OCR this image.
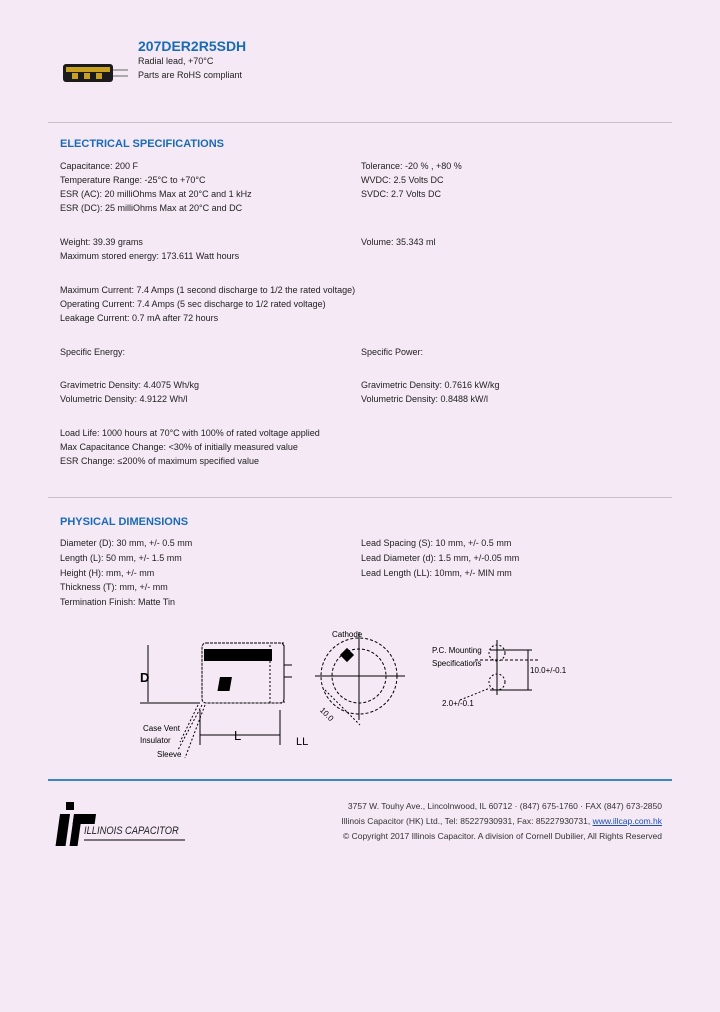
207DER2R5SDH
Radial lead, +70°C
Parts are RoHS compliant
ELECTRICAL SPECIFICATIONS
Capacitance: 200 F
Temperature Range: -25°C to +70°C
ESR (AC): 20 milliOhms Max at 20°C and 1 kHz
ESR (DC): 25 milliOhms Max at 20°C and DC
Tolerance: -20 % , +80 %
WVDC: 2.5 Volts DC
SVDC: 2.7 Volts DC
Weight: 39.39 grams
Maximum stored energy: 173.611 Watt hours
Volume: 35.343 ml
Maximum Current: 7.4 Amps (1 second discharge to 1/2 the rated voltage)
Operating Current: 7.4 Amps (5 sec discharge to 1/2 rated voltage)
Leakage Current: 0.7 mA after 72 hours
Specific Energy:	Specific Power:
Gravimetric Density: 4.4075 Wh/kg
Volumetric Density: 4.9122 Wh/l
Gravimetric Density: 0.7616 kW/kg
Volumetric Density: 0.8488 kW/l
Load Life: 1000 hours at 70°C with 100% of rated voltage applied
Max Capacitance Change: <30% of initially measured value
ESR Change: ≤200% of maximum specified value
PHYSICAL DIMENSIONS
Diameter (D): 30 mm, +/- 0.5 mm
Length (L): 50 mm, +/- 1.5 mm
Height (H): mm, +/- mm
Thickness (T): mm, +/- mm
Termination Finish: Matte Tin
Lead Spacing (S): 10 mm, +/- 0.5 mm
Lead Diameter (d): 1.5 mm, +/-0.05 mm
Lead Length (LL): 10mm, +/- MIN mm
D
L	LL
Case Vent
Insulator
Sleeve
Cathode
10.0
P.C. Mounting
Specifications
10.0+/-0.1
2.0+/-0.1
ILLINOIS CAPACITOR
3757 W. Touhy Ave., Lincolnwood, IL 60712 · (847) 675-1760 · FAX (847) 673-2850
Illinois Capacitor (HK) Ltd., Tel: 85227930931, Fax: 85227930731, www.illcap.com.hk
© Copyright 2017 Illinois Capacitor. A division of Cornell Dubilier, All Rights Reserved
